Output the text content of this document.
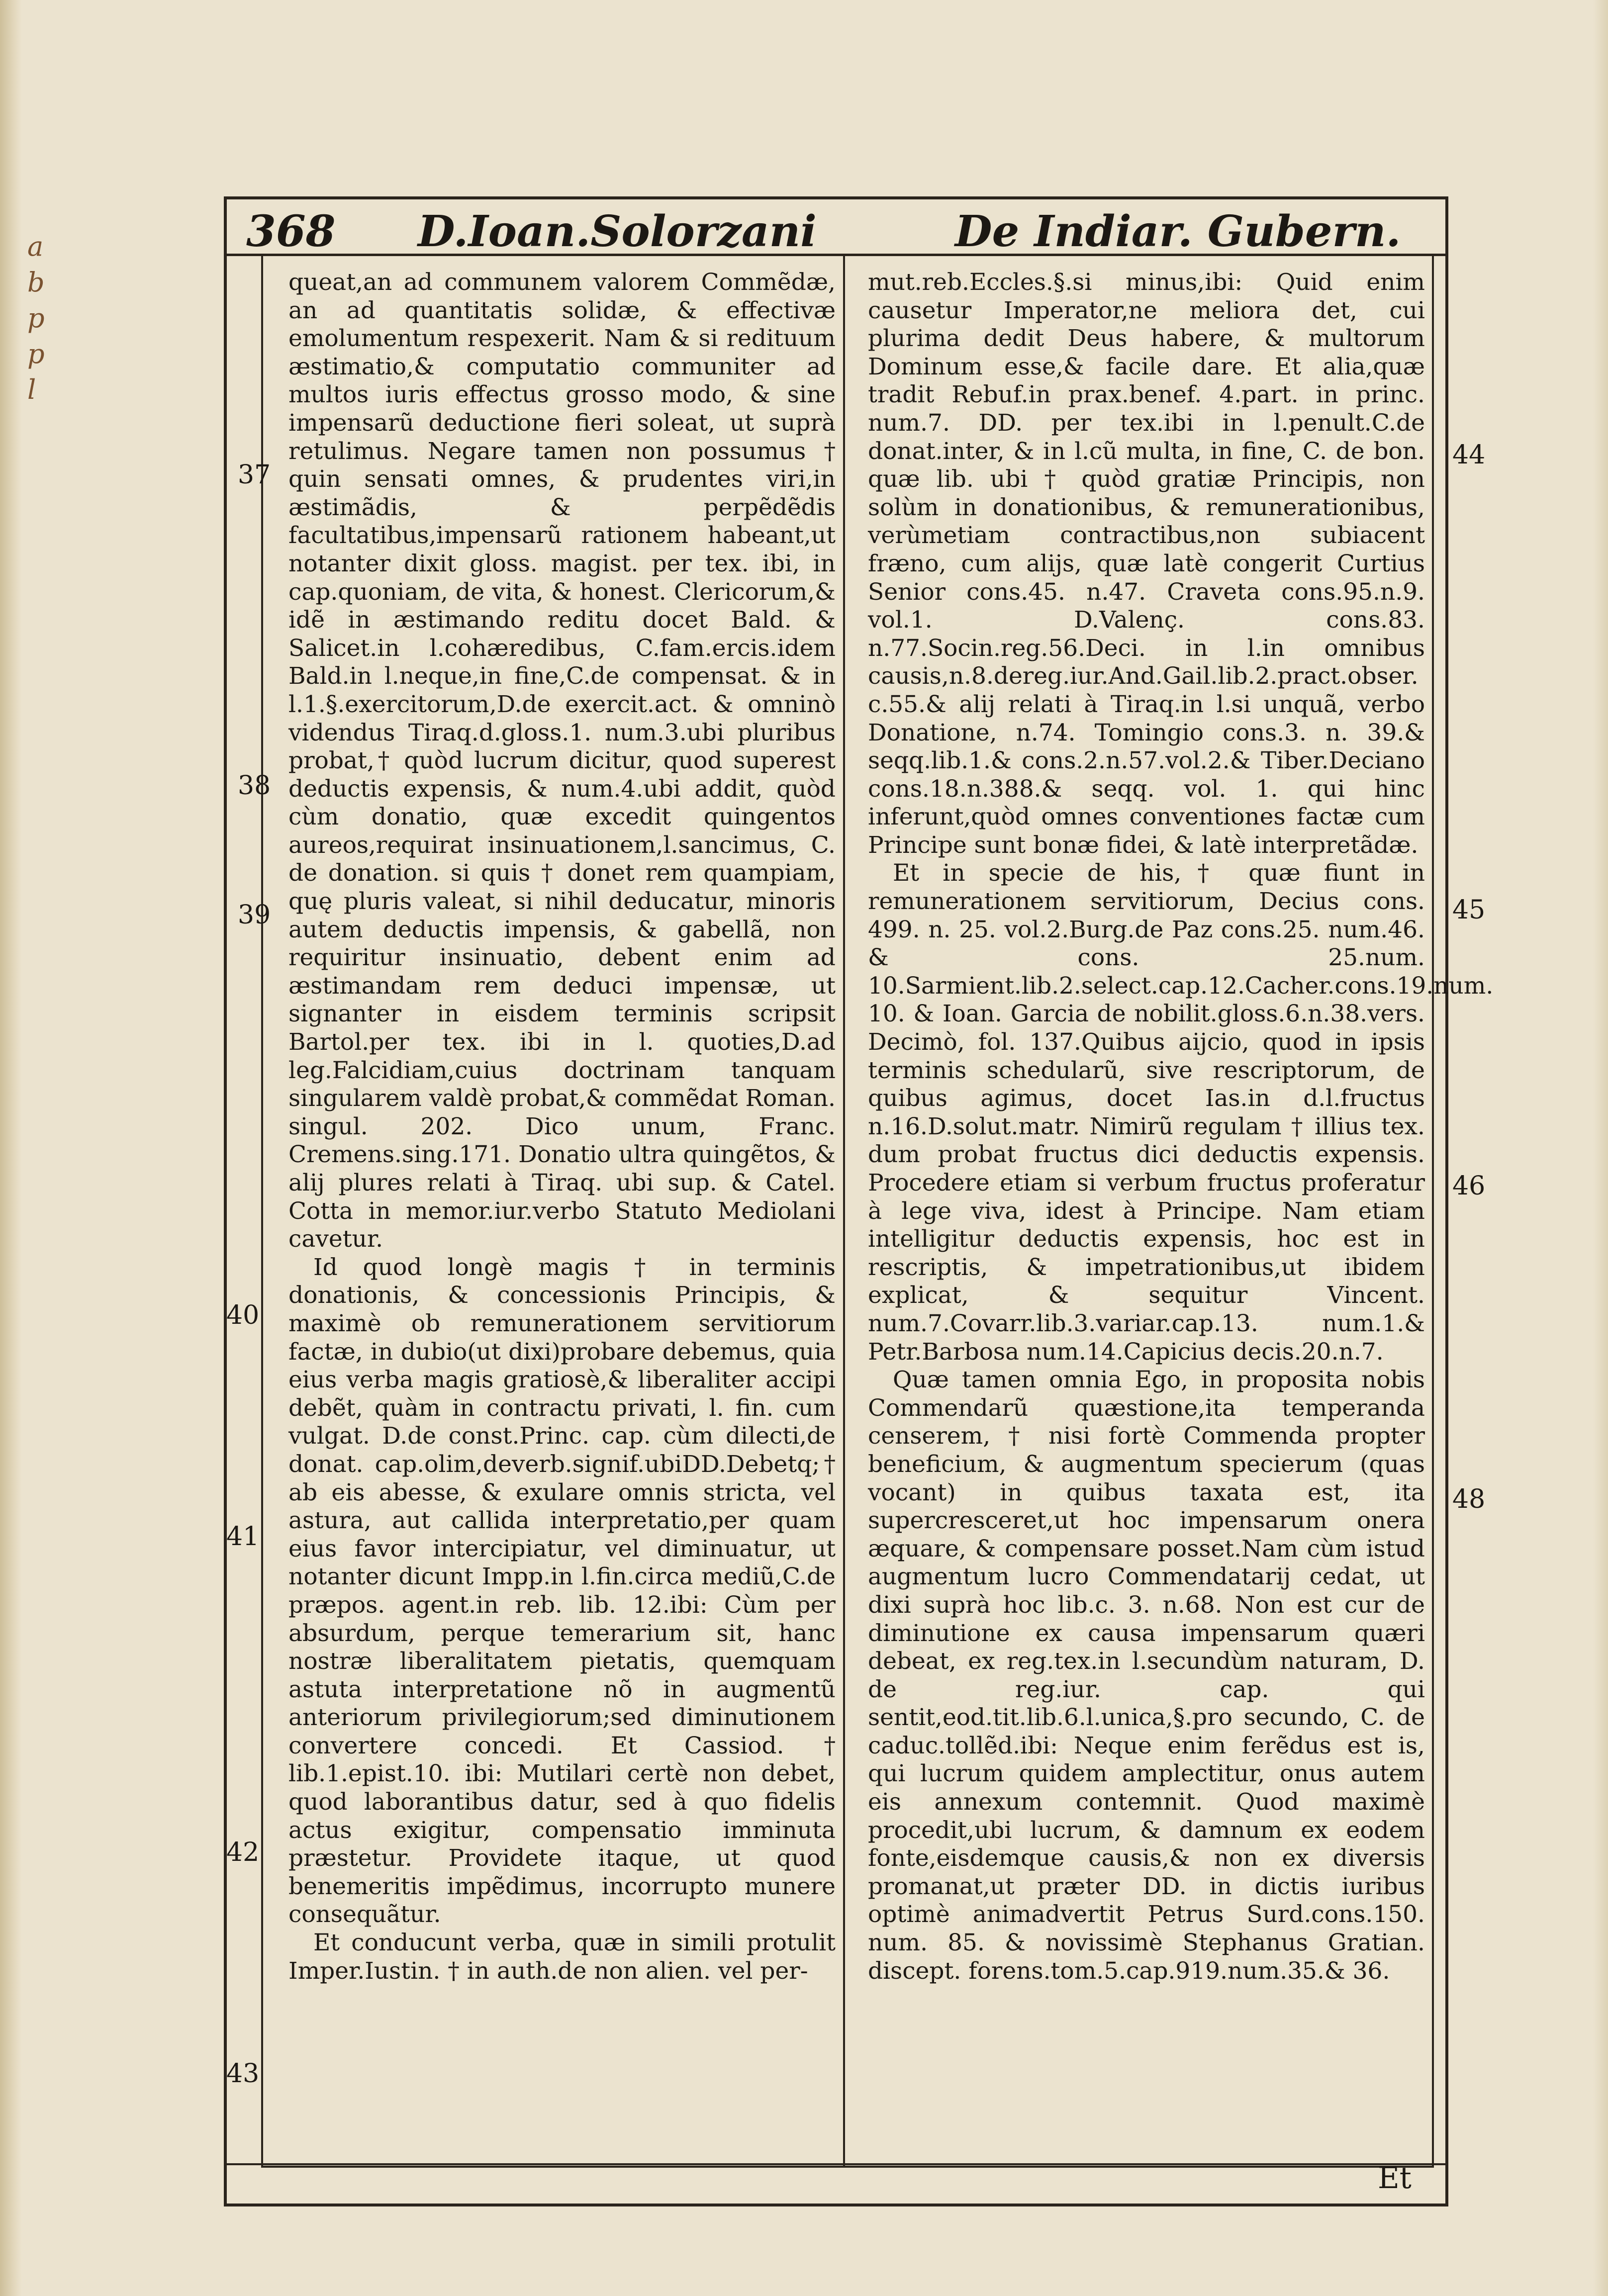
a
b
p
p
l
368 D.Ioan.Solorzani	De Indiar. Gubern.

queat,an ad communem valorem Commẽdæ, an ad quantitatis solidæ, & effectivæ emolumentum respexerit. Nam & si redituum æstimatio,& computatio communiter ad multos iuris effectus grosso modo, & sine impensarũ deductione fieri soleat, ut suprà retulimus. Negare tamen non possumus † quin sensati omnes, & prudentes viri,in æstimãdis, & perpẽdẽdis facultatibus,impensarũ rationem habeant,ut notanter dixit gloss. magist. per tex. ibi, in cap.quoniam, de vita, & honest. Clericorum,& idẽ in æstimando reditu docet Bald. & Salicet.in l.cohæredibus, C.fam.ercis.idem Bald.in l.neque,in fine,C.de compensat. & in l.1.§.exercitorum,D.de exercit.act. & omninò videndus Tiraq.d.gloss.1. num.3.ubi pluribus probat,† quòd lucrum dicitur, quod superest deductis expensis, & num.4.ubi addit, quòd cùm donatio, quæ excedit quingentos aureos,requirat insinuationem,l.sancimus, C. de donation. si quis † donet rem quampiam, quę pluris valeat, si nihil deducatur, minoris autem deductis impensis, & gabellã, non requiritur insinuatio, debent enim ad æstimandam rem deduci impensæ, ut signanter in eisdem terminis scripsit Bartol.per tex. ibi in l. quoties,D.ad leg.Falcidiam,cuius doctrinam tanquam singularem valdè probat,& commẽdat Roman. singul. 202. Dico unum, Franc. Cremens.sing.171. Donatio ultra quingẽtos, & alij plures relati à Tiraq. ubi sup. & Catel. Cotta in memor.iur.verbo Statuto Mediolani cavetur.

Id quod longè magis † in terminis donationis, & concessionis Principis, & maximè ob remunerationem servitiorum factæ, in dubio(ut dixi)probare debemus, quia eius verba magis gratiosè,& liberaliter accipi debẽt, quàm in contractu privati, l. fin. cum vulgat. D.de const.Princ. cap. cùm dilecti,de donat. cap.olim,deverb.signif.ubiDD.Debetq;† ab eis abesse, & exulare omnis stricta, vel astura, aut callida interpretatio,per quam eius favor intercipiatur, vel diminuatur, ut notanter dicunt Impp.in l.fin.circa mediũ,C.de præpos. agent.in reb. lib. 12.ibi: Cùm per absurdum, perque temerarium sit, hanc nostræ liberalitatem pietatis, quemquam astuta interpretatione nõ in augmentũ anteriorum privilegiorum;sed diminutionem convertere concedi. Et Cassiod.† lib.1.epist.10. ibi: Mutilari certè non debet, quod laborantibus datur, sed à quo fidelis actus exigitur, compensatio imminuta præstetur. Providete itaque, ut quod benemeritis impẽdimus, incorrupto munere consequãtur.

Et conducunt verba, quæ in simili protulit Imper.Iustin. † in auth.de non alien. vel per-

mut.reb.Eccles.§.si minus,ibi: Quid enim causetur Imperator,ne meliora det, cui plurima dedit Deus habere, & multorum Dominum esse,& facile dare. Et alia,quæ tradit Rebuf.in prax.benef. 4.part. in princ. num.7. DD. per tex.ibi in l.penult.C.de donat.inter, & in l.cũ multa, in fine, C. de bon. quæ lib. ubi † quòd gratiæ Principis, non solùm in donationibus, & remunerationibus, verùmetiam contractibus,non subiacent fræno, cum alijs, quæ latè congerit Curtius Senior cons.45. n.47. Craveta cons.95.n.9. vol.1. D.Valenç. cons.83. n.77.Socin.reg.56.Deci. in l.in omnibus causis,n.8.dereg.iur.And.Gail.lib.2.pract.obser. c.55.& alij relati à Tiraq.in l.si unquã, verbo Donatione, n.74. Tomingio cons.3. n. 39.& seqq.lib.1.& cons.2.n.57.vol.2.& Tiber.Deciano cons.18.n.388.& seqq. vol. 1. qui hinc inferunt,quòd omnes conventiones factæ cum Principe sunt bonæ fidei, & latè interpretãdæ.

Et in specie de his,† quæ fiunt in remunerationem servitiorum, Decius cons. 499. n. 25. vol.2.Burg.de Paz cons.25. num.46. & cons. 25.num. 10.Sarmient.lib.2.select.cap.12.Cacher.cons.19.num. 10. & Ioan. Garcia de nobilit.gloss.6.n.38.vers. Decimò, fol. 137.Quibus aijcio, quod in ipsis terminis schedularũ, sive rescriptorum, de quibus agimus, docet Ias.in d.l.fructus n.16.D.solut.matr. Nimirũ regulam † illius tex. dum probat fructus dici deductis expensis. Procedere etiam si verbum fructus proferatur à lege viva, idest à Principe. Nam etiam intelligitur deductis expensis, hoc est in rescriptis, & impetrationibus,ut ibidem explicat, & sequitur Vincent. num.7.Covarr.lib.3.variar.cap.13. num.1.& Petr.Barbosa num.14.Capicius decis.20.n.7.

Quæ tamen omnia Ego, in proposita nobis Commendarũ quæstione,ita temperanda censerem, † nisi fortè Commenda propter beneficium, & augmentum specierum (quas vocant) in quibus taxata est, ita supercresceret,ut hoc impensarum onera æquare, & compensare posset.Nam cùm istud augmentum lucro Commendatarij cedat, ut dixi suprà hoc lib.c. 3. n.68. Non est cur de diminutione ex causa impensarum quæri debeat, ex reg.tex.in l.secundùm naturam, D. de reg.iur. cap. qui sentit,eod.tit.lib.6.l.unica,§.pro secundo, C. de caduc.tollẽd.ibi: Neque enim ferẽdus est is, qui lucrum quidem amplectitur, onus autem eis annexum contemnit. Quod maximè procedit,ubi lucrum, & damnum ex eodem fonte,eisdemque causis,& non ex diversis promanat,ut præter DD. in dictis iuribus optimè animadvertit Petrus Surd.cons.150. num. 85. & novissimè Stephanus Gratian. discept. forens.tom.5.cap.919.num.35.& 36.

37
38
39
40
41
42
43
44
45
46
48
Et
